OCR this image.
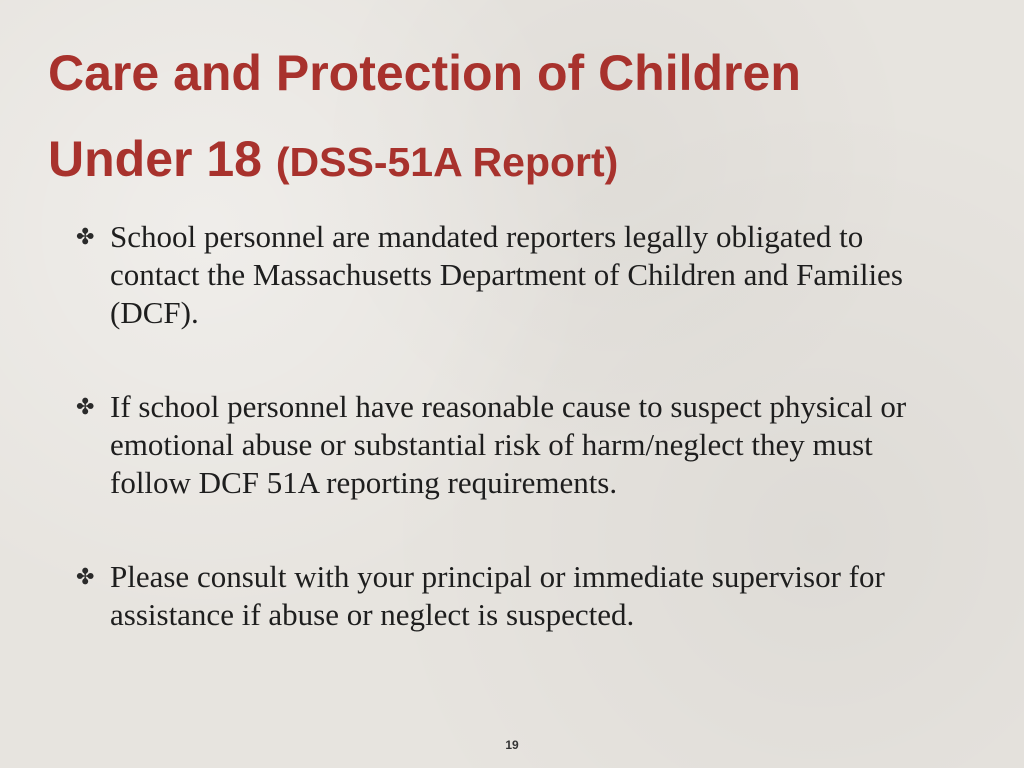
Care and Protection of Children
Under 18 (DSS-51A Report)
✤ School personnel are mandated reporters legally obligated to contact the Massachusetts Department of Children and Families (DCF).
✤ If school personnel have reasonable cause to suspect physical or emotional abuse or substantial risk of harm/neglect they must follow DCF 51A reporting requirements.
✤ Please consult with your principal or immediate supervisor for assistance if abuse or neglect is suspected.
19
